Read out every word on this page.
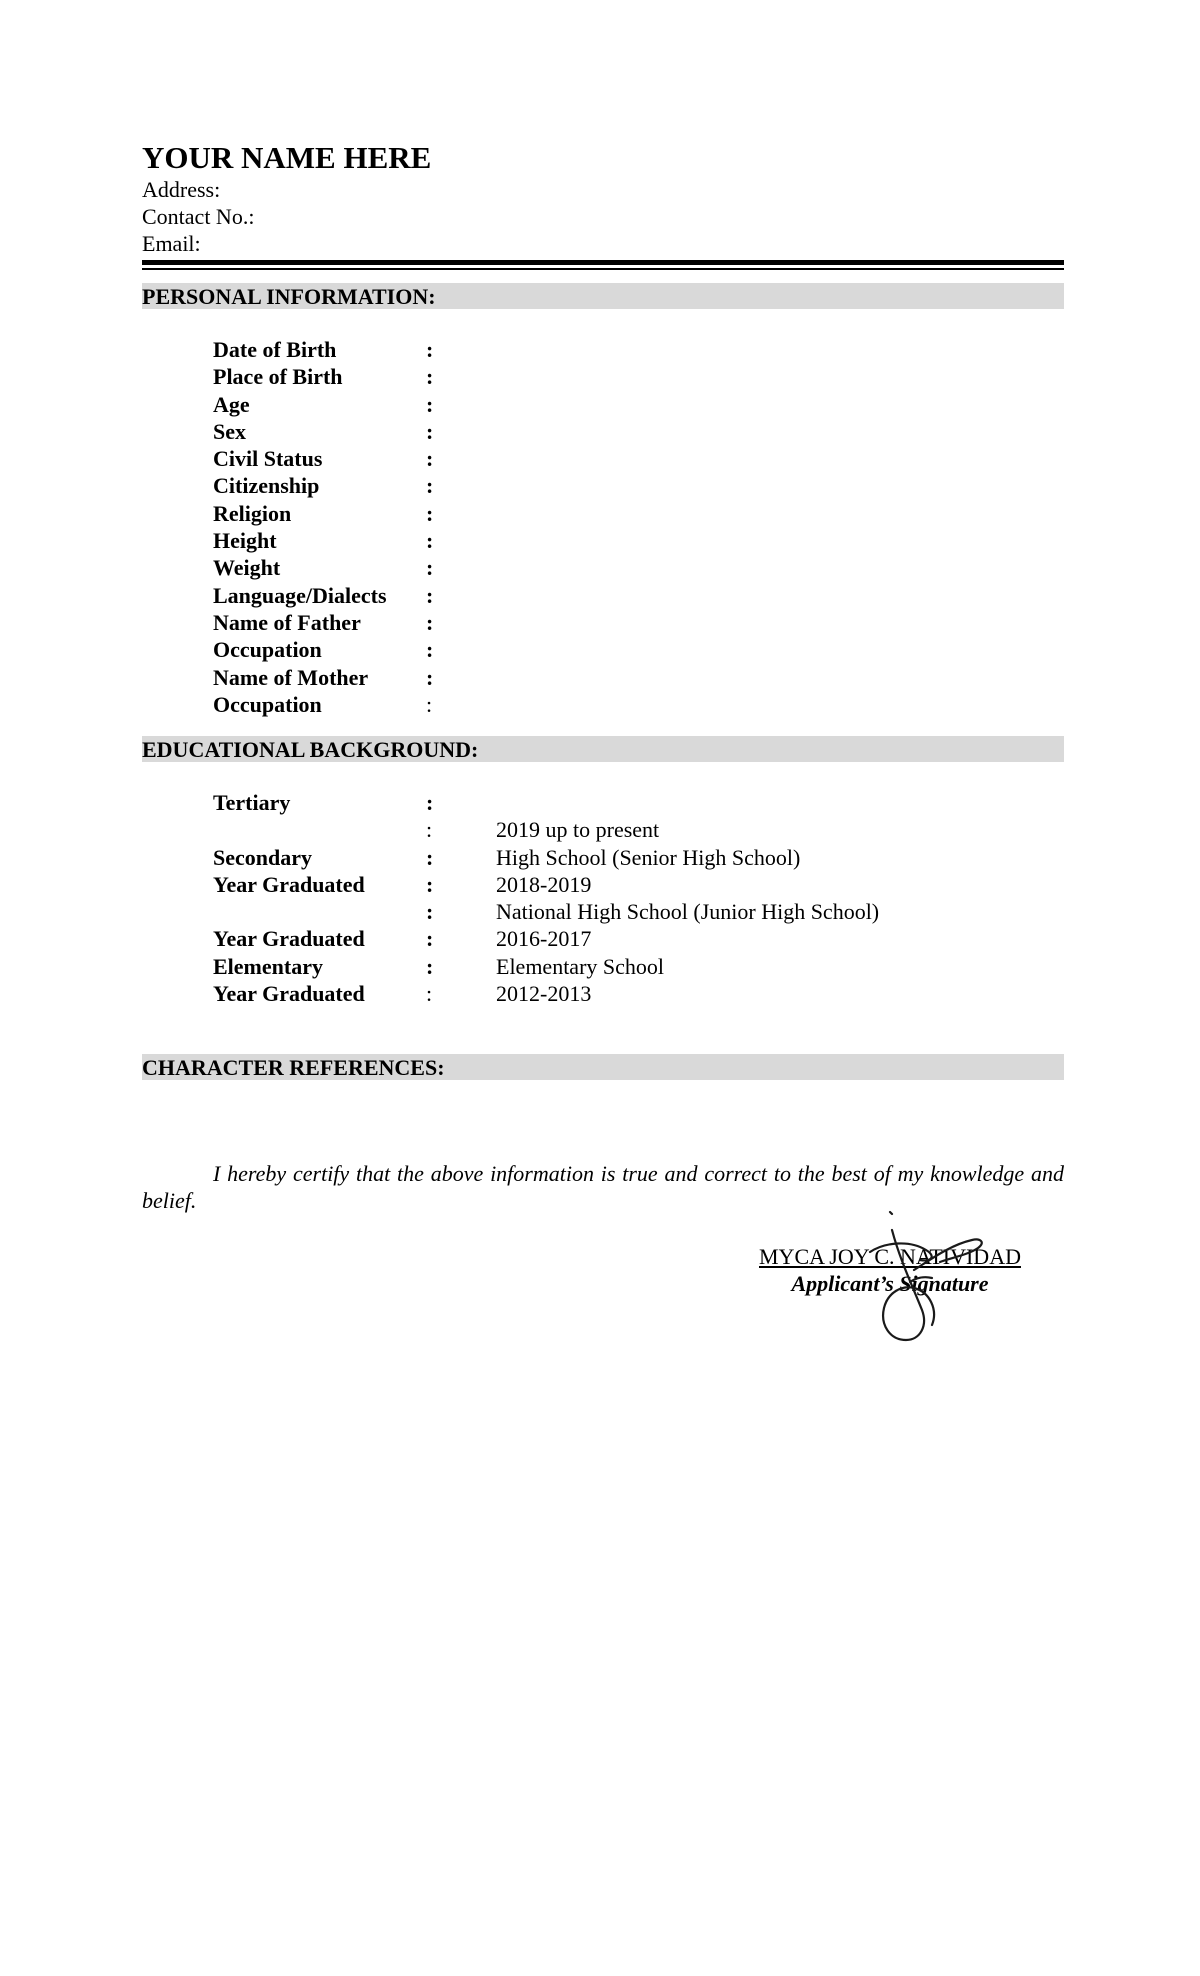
YOUR NAME HERE
Address:
Contact No.:
Email:
PERSONAL INFORMATION:
Date of Birth	:	
Place of Birth	:	
Age	:	
Sex	:	
Civil Status	:	
Citizenship	:	
Religion	:	
Height	:	
Weight	:	
Language/Dialects	:	
Name of Father	:	
Occupation	:	
Name of Mother	:	
Occupation	:	
EDUCATIONAL BACKGROUND:
Tertiary	:	
	:	2019 up to present
Secondary	:	High School (Senior High School)
Year Graduated	:	2018-2019
	:	National High School (Junior High School)
Year Graduated	:	2016-2017
Elementary	:	Elementary School
Year Graduated	:	2012-2013
CHARACTER REFERENCES:
I hereby certify that the above information is true and correct to the best of my knowledge and belief.
MYCA JOY C. NATIVIDAD
Applicant’s Signature
